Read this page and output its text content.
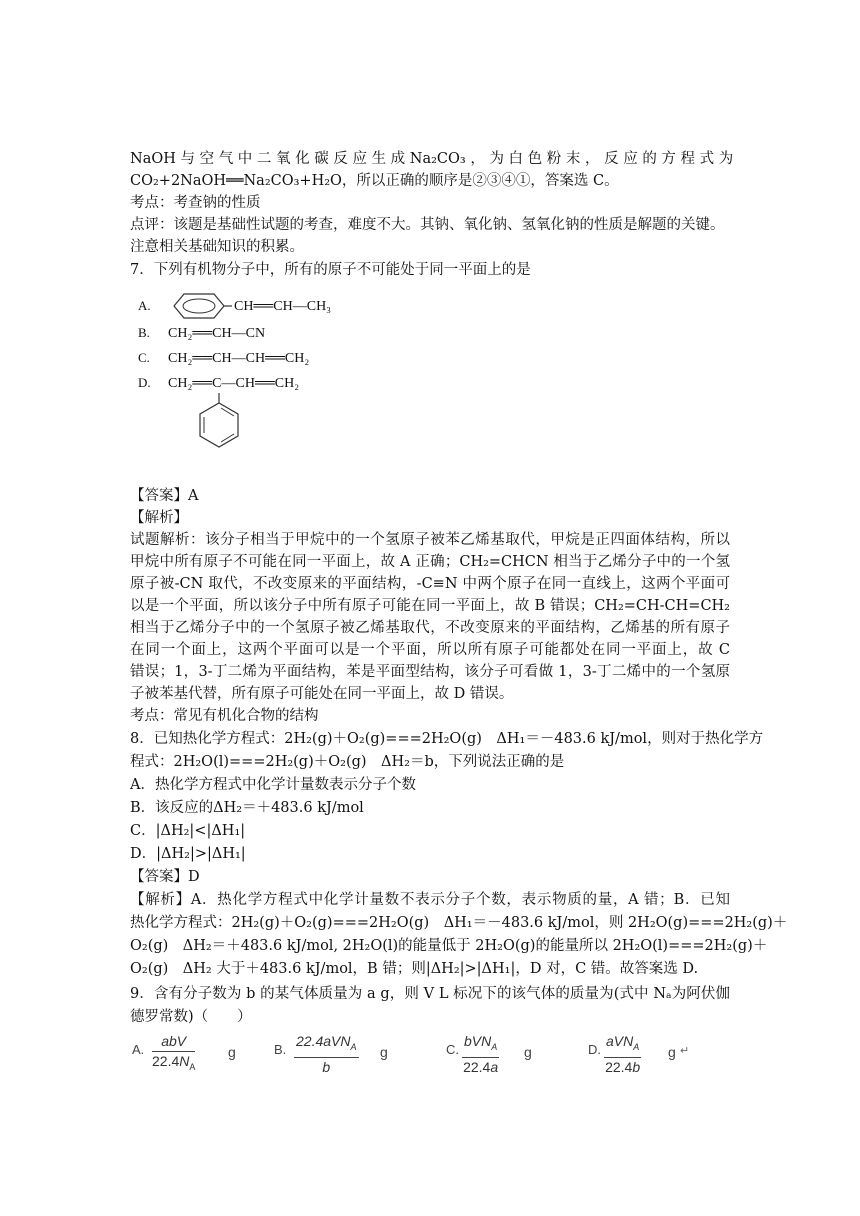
NaOH 与 空 气 中 二 氧 化 碳 反 应 生 成 Na₂CO₃ ， 为 白 色 粉 末 ， 反 应 的 方 程 式 为
CO₂+2NaOH══Na₂CO₃+H₂O，所以正确的顺序是②③④①，答案选 C。
考点：考查钠的性质
点评：该题是基础性试题的考查，难度不大。其钠、氧化钠、氢氧化钠的性质是解题的关键。
注意相关基础知识的积累。
7．下列有机物分子中，所有的原子不可能处于同一平面上的是
A.	CH══CH—CH₃
B. CH₂══CH—CN
C. CH₂══CH—CH══CH₂
D. CH₂══C—CH══CH₂
【答案】A
【解析】
试题解析：该分子相当于甲烷中的一个氢原子被苯乙烯基取代，甲烷是正四面体结构，所以
甲烷中所有原子不可能在同一平面上，故 A 正确；CH₂=CHCN 相当于乙烯分子中的一个氢
原子被-CN 取代，不改变原来的平面结构，-C≡N 中两个原子在同一直线上，这两个平面可
以是一个平面，所以该分子中所有原子可能在同一平面上，故 B 错误；CH₂=CH-CH=CH₂
相当于乙烯分子中的一个氢原子被乙烯基取代，不改变原来的平面结构，乙烯基的所有原子
在同一个面上，这两个平面可以是一个平面，所以所有原子可能都处在同一平面上，故 C
错误；1，3-丁二烯为平面结构，苯是平面型结构，该分子可看做 1，3-丁二烯中的一个氢原
子被苯基代替，所有原子可能处在同一平面上，故 D 错误。
考点：常见有机化合物的结构
8．已知热化学方程式：2H₂(g)＋O₂(g)===2H₂O(g)　ΔH₁＝－483.6 kJ/mol，则对于热化学方
程式：2H₂O(l)===2H₂(g)＋O₂(g)　ΔH₂＝b，下列说法正确的是
A．热化学方程式中化学计量数表示分子个数
B．该反应的ΔH₂＝＋483.6 kJ/mol
C．|ΔH₂|<|ΔH₁|
D．|ΔH₂|>|ΔH₁|
【答案】D
【解析】A．热化学方程式中化学计量数不表示分子个数，表示物质的量，A 错；B．已知
热化学方程式：2H₂(g)＋O₂(g)===2H₂O(g)　ΔH₁＝－483.6 kJ/mol，则 2H₂O(g)===2H₂(g)＋
O₂(g)　ΔH₂＝＋483.6 kJ/mol, 2H₂O(l)的能量低于 2H₂O(g)的能量所以 2H₂O(l)===2H₂(g)＋
O₂(g)　ΔH₂ 大于＋483.6 kJ/mol，B 错；则|ΔH₂|>|ΔH₁|，D 对，C 错。故答案选 D.
9．含有分子数为 b 的某气体质量为 a g，则 V L 标况下的该气体的质量为(式中 Nₐ为阿伏伽
德罗常数)（　　）
A.
abV
$22.4N_A$
g	B.
22.4aVN$_A$
b
g	C.
bVN$_A$
22.4a
g	D.
aVN$_A$
22.4b
g ↵
